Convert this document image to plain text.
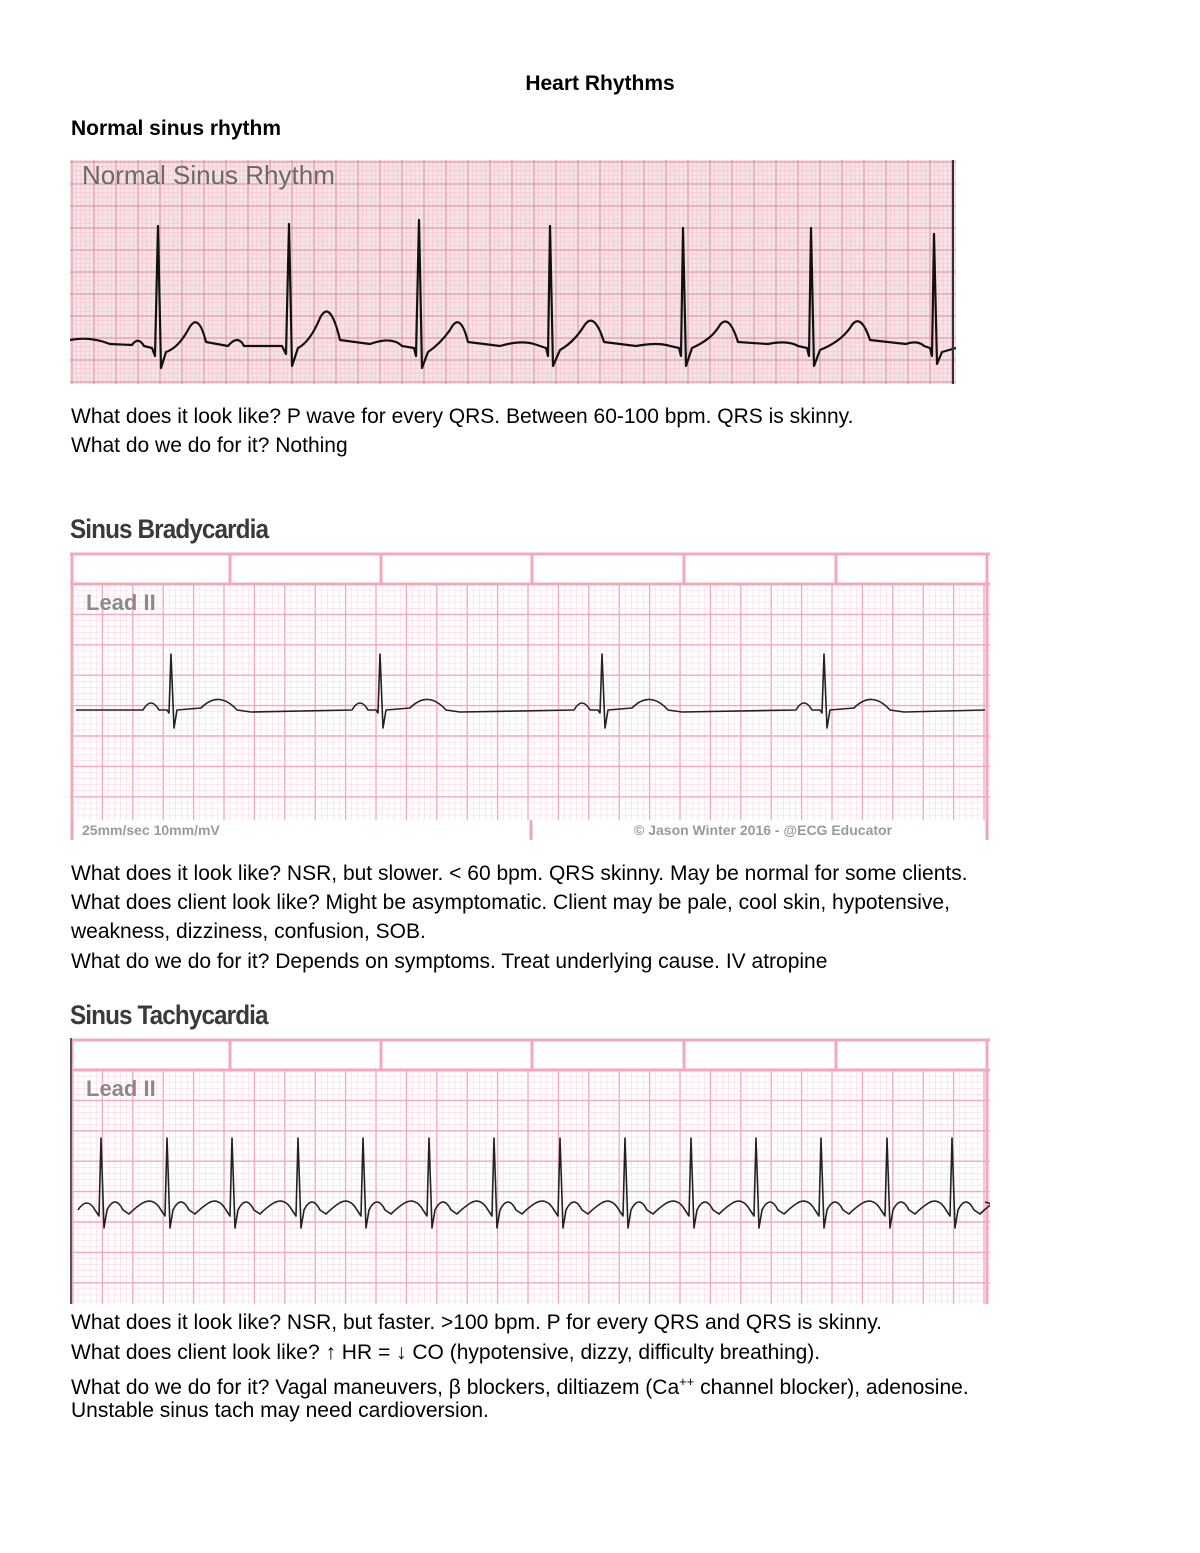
Heart Rhythms
Normal sinus rhythm
Normal Sinus Rhythm
What does it look like? P wave for every QRS. Between 60-100 bpm. QRS is skinny.
What do we do for it? Nothing
Sinus Bradycardia
Lead II
25mm/sec 10mm/mV	© Jason Winter 2016 - @ECG Educator
What does it look like? NSR, but slower. < 60 bpm. QRS skinny. May be normal for some clients.
What does client look like? Might be asymptomatic. Client may be pale, cool skin, hypotensive,
weakness, dizziness, confusion, SOB.
What do we do for it? Depends on symptoms. Treat underlying cause. IV atropine
Sinus Tachycardia
Lead II
What does it look like? NSR, but faster. >100 bpm. P for every QRS and QRS is skinny.
What does client look like? ↑ HR = ↓ CO (hypotensive, dizzy, difficulty breathing).
What do we do for it? Vagal maneuvers, β blockers, diltiazem (Ca++ channel blocker), adenosine.
Unstable sinus tach may need cardioversion.
